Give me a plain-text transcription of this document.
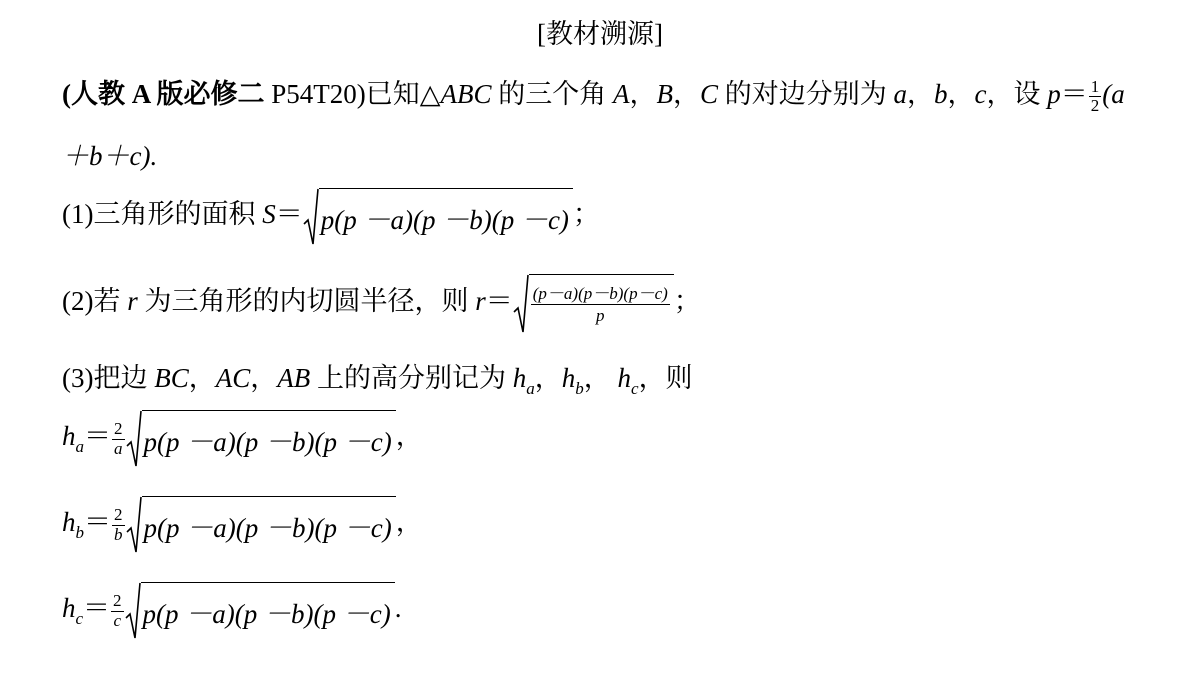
[教材溯源]
(人教 A 版必修二 P54T20)已知△ABC 的三个角 A，B，C 的对边分别为 a，b，c，设 $p= \frac{1}{2} (a$
＋b＋c).
(1)三角形的面积 S＝ p(p －a)(p －b)(p －c) ；
(2)若 r 为三角形的内切圆半径，则 $r= \frac{(p-a)(p-b)(p-c)}{p}$ ；
(3)把边 BC，AC，AB 上的高分别记为 $h_a$，$h_b$， $h_c$，则
$h_a= \frac{2}{a} p(p -a)(p -b)(p -c)$ ，
$h_b= \frac{2}{b} p(p -a)(p -b)(p -c)$ ，
$h_c= \frac{2}{c} p(p -a)(p -b)(p -c)$ .
